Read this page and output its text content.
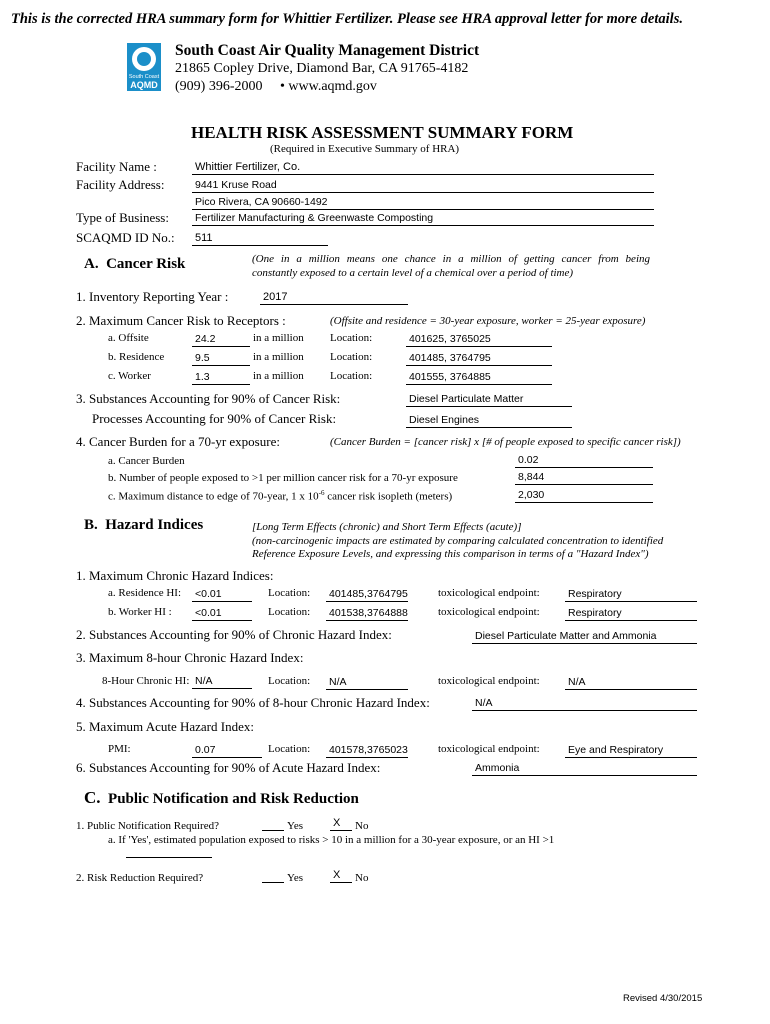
This is the corrected HRA summary form for Whittier Fertilizer. Please see HRA approval letter for more details.
South Coast
AQMD
South Coast Air Quality Management District
21865 Copley Drive, Diamond Bar, CA 91765-4182
(909) 396-2000 • www.aqmd.gov
HEALTH RISK ASSESSMENT SUMMARY FORM
(Required in Executive Summary of HRA)
Facility Name :	Whittier Fertilizer, Co.
Facility Address:	9441 Kruse Road
Pico Rivera, CA 90660-1492
Type of Business: Fertilizer Manufacturing & Greenwaste Composting
SCAQMD ID No.: 511
A. Cancer Risk	(One in a million means one chance in a million of getting cancer from being
constantly exposed to a certain level of a chemical over a period of time)
1. Inventory Reporting Year :	2017
2. Maximum Cancer Risk to Receptors :	(Offsite and residence = 30-year exposure, worker = 25-year exposure)
a. Offsite	24.2	in a million Location:	401625, 3765025
b. Residence	9.5	in a million Location:	401485, 3764795
c. Worker	1.3	in a million Location:	401555, 3764885
3. Substances Accounting for 90% of Cancer Risk:	Diesel Particulate Matter
Processes Accounting for 90% of Cancer Risk:	Diesel Engines
4. Cancer Burden for a 70-yr exposure:	(Cancer Burden = [cancer risk] x [# of people exposed to specific cancer risk])
a. Cancer Burden	0.02
b. Number of people exposed to >1 per million cancer risk for a 70-yr exposure	8,844
c. Maximum distance to edge of 70-year, 1 x $10^{-6}$ cancer risk isopleth (meters)	2,030
B. Hazard Indices	[Long Term Effects (chronic) and Short Term Effects (acute)]
(non-carcinogenic impacts are estimated by comparing calculated concentration to identified
Reference Exposure Levels, and expressing this comparison in terms of a "Hazard Index")
1. Maximum Chronic Hazard Indices:
a. Residence HI: <0.01	Location: 401485,3764795	toxicological endpoint:	Respiratory
b. Worker HI : <0.01	Location: 401538,3764888	toxicological endpoint:	Respiratory
2. Substances Accounting for 90% of Chronic Hazard Index:	Diesel Particulate Matter and Ammonia
3. Maximum 8-hour Chronic Hazard Index:
8-Hour Chronic HI: N/A	Location: N/A	toxicological endpoint:	N/A
4. Substances Accounting for 90% of 8-hour Chronic Hazard Index:	N/A
5. Maximum Acute Hazard Index:
PMI:	0.07	Location: 401578,3765023	toxicological endpoint:	Eye and Respiratory
6. Substances Accounting for 90% of Acute Hazard Index:	Ammonia
C. Public Notification and Risk Reduction
1. Public Notification Required?	Yes	X	No
a. If 'Yes', estimated population exposed to risks > 10 in a million for a 30-year exposure, or an HI >1
2. Risk Reduction Required?	Yes	X	No
Revised 4/30/2015
